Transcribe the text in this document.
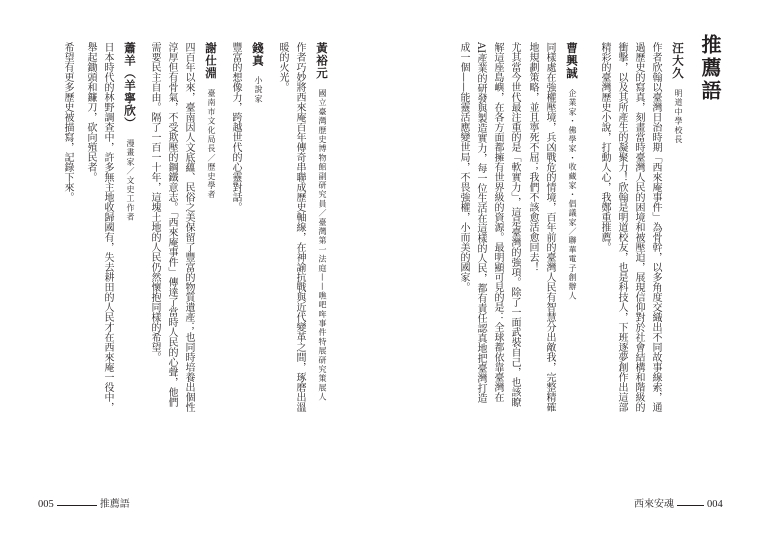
黃裕元國立臺灣歷史博物館副研究員／臺灣第一法庭——噍吧哖事件特展研究策展人
作者巧妙將西來庵百年傳奇串聯成歷史軸線，在神諭抗戰與近代變革之間，琢磨出溫
暖的火光。
錢真小說家
豐富的想像力，跨越世代的心靈對話。
謝仕淵臺南市文化局長／歷史學者
四百年以來，臺南因人文底蘊、民俗之美保留了豐富的物質遺產；也同時培養出個性
淳厚但有骨氣，不受欺壓的鋼鐵意志。「西來庵事件」傳達了當時人民的心聲，他們
需要民主自由。隔了一百一十年，這塊土地的人民仍然懷抱同樣的希望。
蕭羊（羊寧欣）漫畫家／文史工作者
日本時代的林野調查中，許多無主地收歸國有，失去耕田的人民才在西來庵一役中，
舉起鋤頭和鐮刀，砍向殖民者。
希望有更多歷史被描寫，記錄下來。
005	推薦語
推薦語
汪大久明道中學校長
作者欣翰以臺灣日治時期「西來庵事件」為骨幹，以多角度交織出不同故事線索，通
過歷史的寫真，刻畫當時臺灣人民的困境和被壓迫，展現信仰對於社會結構和階級的
衝擊，以及其所產生的凝聚力！欣翰是明道校友，也是科技人，下班逐夢創作出這部
精彩的臺灣歷史小說，打動人心，我鄭重推薦。
曹興誠企業家・佛學家・收藏家・倡議家／聯華電子創辦人
同樣處在強權壓境，兵凶戰危的情境，百年前的臺灣人民有智慧分出敵我，完整精確
地規劃策略，並且寧死不屈；我們不該愈活愈回去！
尤其當今世代最注重的是「軟實力」，這是臺灣的強項。除了一面武裝自己，也該瞭
解這座島嶼，在各方面都擁有世界級的資源。最明顯可見的是：全球都依靠臺灣在
AI產業的研發與製造實力，每一位生活在這樣的人民，都有責任認真地把臺灣打造
成一個——能靈活應變世局，不畏強權，小而美的國家。
西來安魂	004
